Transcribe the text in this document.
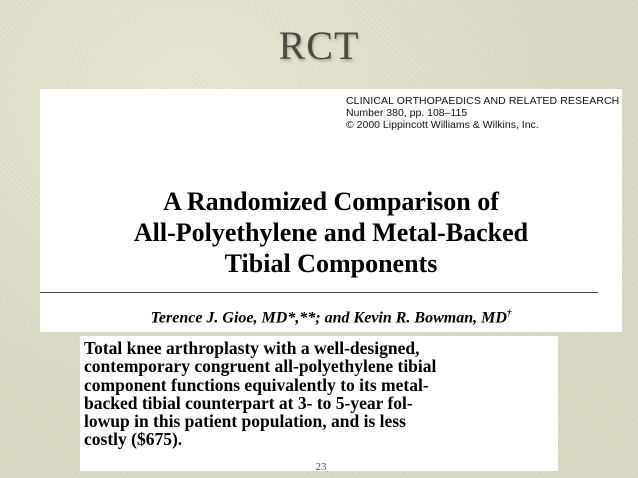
RCT
CLINICAL ORTHOPAEDICS AND RELATED RESEARCH
Number 380, pp. 108–115
© 2000 Lippincott Williams & Wilkins, Inc.
A Randomized Comparison of
All-Polyethylene and Metal-Backed
Tibial Components
Terence J. Gioe, MD*,**; and Kevin R. Bowman, MD†
Total knee arthroplasty with a well-designed,
contemporary congruent all-polyethylene tibial
component functions equivalently to its metal-
backed tibial counterpart at 3- to 5-year fol-
lowup in this patient population, and is less
costly ($675).
23
